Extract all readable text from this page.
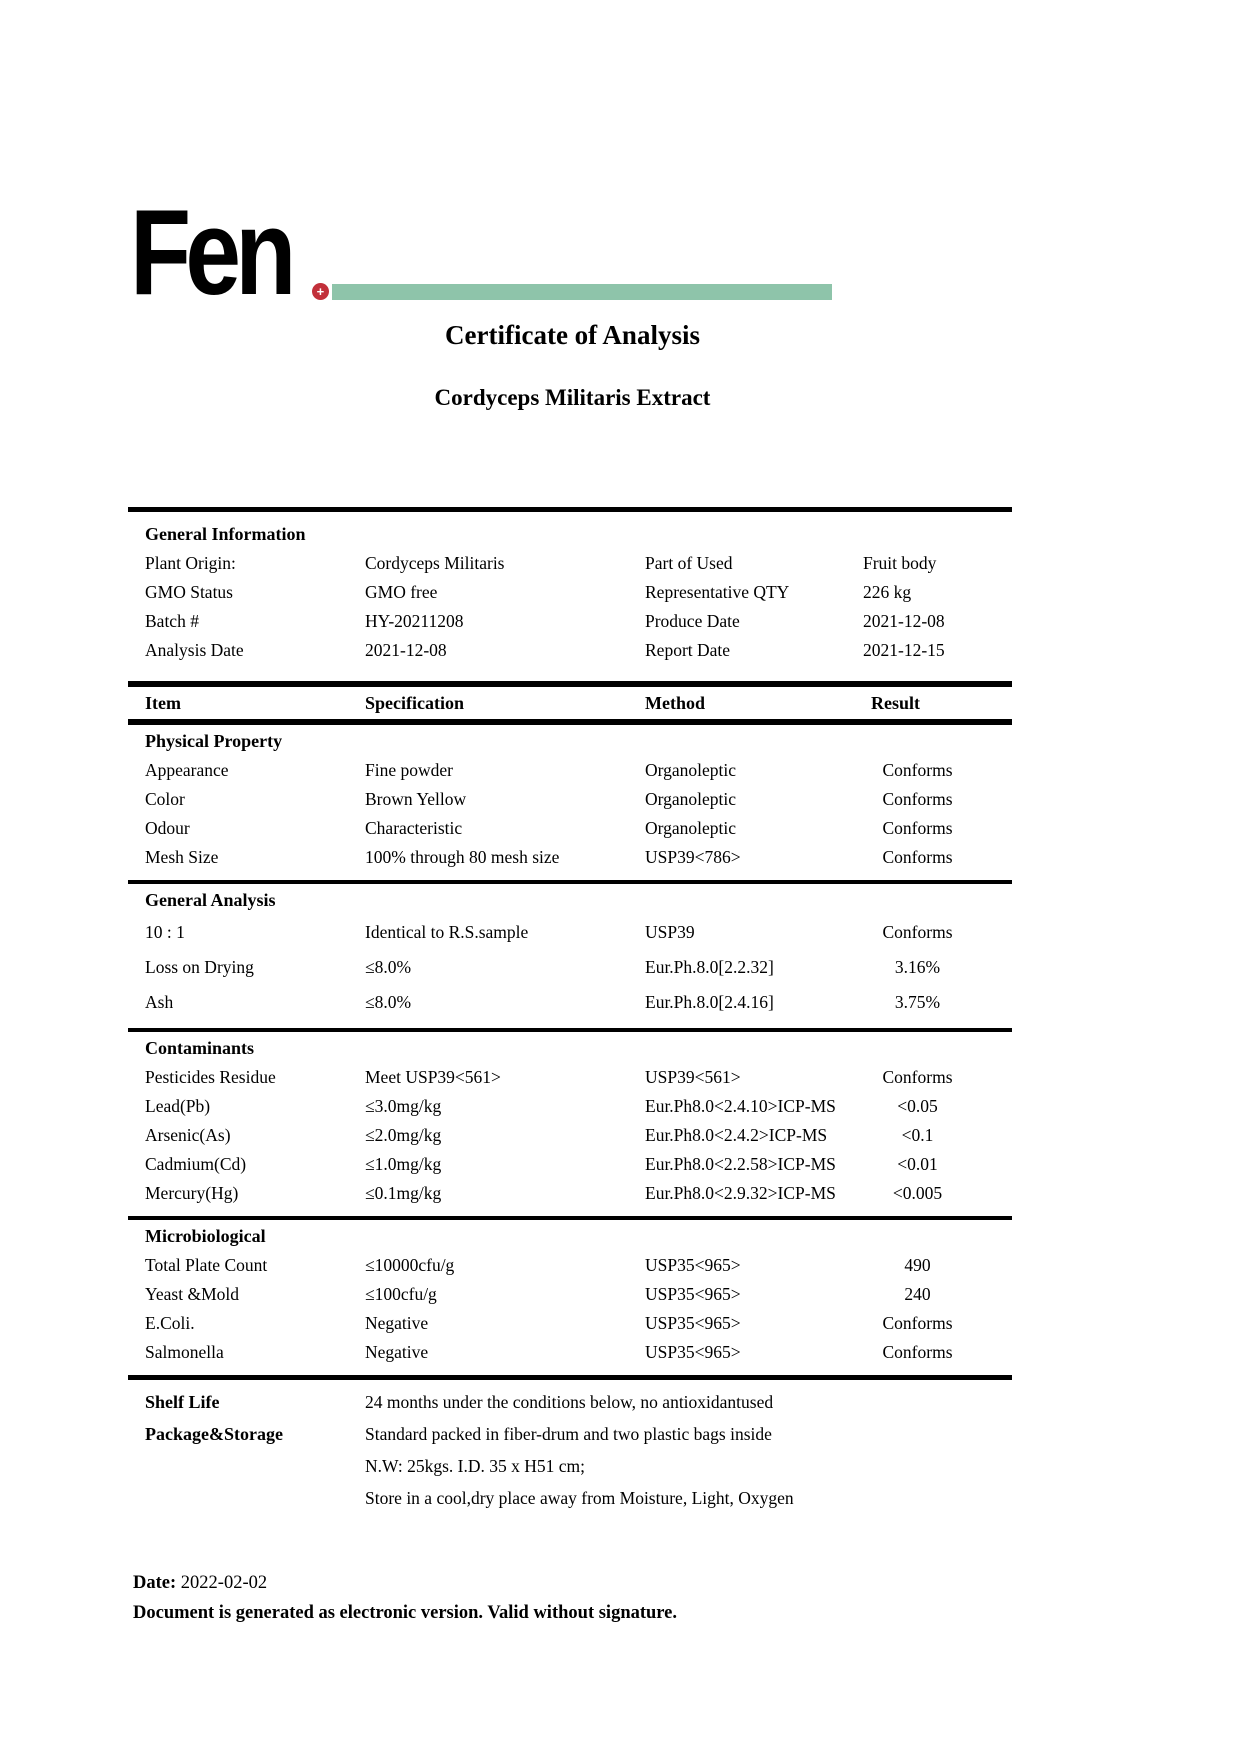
Fen	+
Certificate of Analysis
Cordyceps Militaris Extract
General Information
Plant Origin:	Cordyceps Militaris	Part of Used	Fruit body
GMO Status	GMO free	Representative QTY	226 kg
Batch #	HY-20211208	Produce Date	2021-12-08
Analysis Date	2021-12-08	Report Date	2021-12-15
Item	Specification	Method	Result
Physical Property
Appearance	Fine powder	Organoleptic	Conforms
Color	Brown Yellow	Organoleptic	Conforms
Odour	Characteristic	Organoleptic	Conforms
Mesh Size	100% through 80 mesh size	USP39<786>	Conforms
General Analysis
10 : 1	Identical to R.S.sample	USP39	Conforms
Loss on Drying	≤8.0%	Eur.Ph.8.0[2.2.32]	3.16%
Ash	≤8.0%	Eur.Ph.8.0[2.4.16]	3.75%
Contaminants
Pesticides Residue	Meet USP39<561>	USP39<561>	Conforms
Lead(Pb)	≤3.0mg/kg	Eur.Ph8.0<2.4.10>ICP-MS	<0.05
Arsenic(As)	≤2.0mg/kg	Eur.Ph8.0<2.4.2>ICP-MS	<0.1
Cadmium(Cd)	≤1.0mg/kg	Eur.Ph8.0<2.2.58>ICP-MS	<0.01
Mercury(Hg)	≤0.1mg/kg	Eur.Ph8.0<2.9.32>ICP-MS	<0.005
Microbiological
Total Plate Count	≤10000cfu/g	USP35<965>	490
Yeast &Mold	≤100cfu/g	USP35<965>	240
E.Coli.	Negative	USP35<965>	Conforms
Salmonella	Negative	USP35<965>	Conforms
Shelf Life	24 months under the conditions below, no antioxidantused
Package&Storage	Standard packed in fiber-drum and two plastic bags inside
N.W: 25kgs. I.D. 35 x H51 cm;
Store in a cool,dry place away from Moisture, Light, Oxygen
Date: 2022-02-02
Document is generated as electronic version. Valid without signature.
